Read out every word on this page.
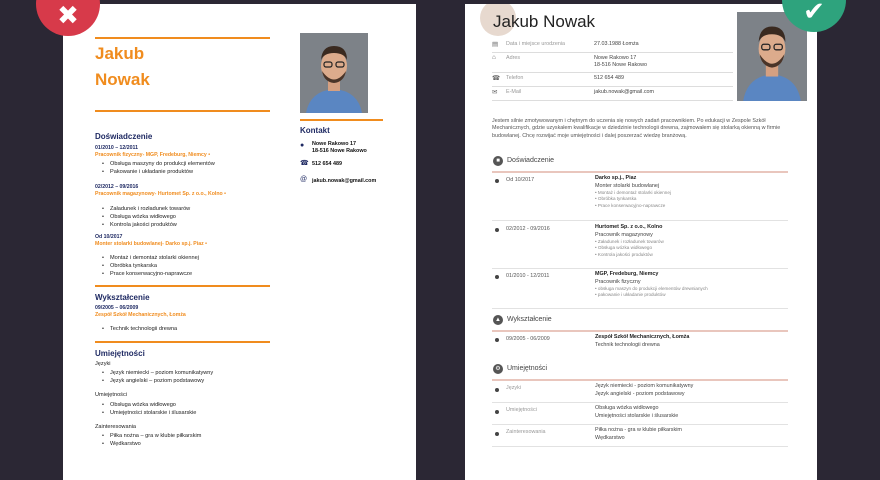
Jakub
Nowak
Doświadczenie
01/2010 – 12/2011
Pracownik fizyczny- MGP, Fredeburg, Niemcy •
• Obsługa maszyny do produkcji elementów
• Pakowanie i układanie produktów
02/2012 – 09/2016
Pracownik magazynowy- Hurtomet Sp. z o.o., Kolno •
• Załadunek i rozładunek towarów
• Obsługa wózka widłowego
• Kontrola jakości produktów
Od 10/2017
Monter stolarki budowlanej- Darko sp.j. Piaz •
• Montaż i demontaż stolarki okiennej
• Obróbka tynkarska
• Prace konserwacyjno-naprawcze
Wykształcenie
09/2005 – 06/2009
Zespół Szkół Mechanicznych, Łomża
• Technik technologii drewna
Umiejętności
Języki
• Język niemiecki – poziom komunikatywny
• Język angielski – poziom podstawowy
Umiejętności
• Obsługa wózka widłowego
• Umiejętności stolarskie i ślusarskie
Zainteresowania
• Piłka nożna – gra w klubie piłkarskim
• Wędkarstwo
Kontakt
● Nowe Rakowo 17
18-516 Nowe Rakowo
☎ 512 654 489
@ jakub.nowak@gmail.com
Jakub Nowak
▤ Data i miejsce urodzenia	27.03.1988 Łomża
⌂ Adres	Nowe Rakowo 17
18-516 Nowe Rakowo
☎ Telefon	512 654 489
✉ E-Mail	jakub.nowak@gmail.com
Jestem silnie zmotywowanym i chętnym do uczenia się nowych zadań pracownikiem. Po edukacji w Zespole Szkół Mechanicznych, gdzie uzyskałem kwalifikacje w dziedzinie technologii drewna, zajmowałem się stolarką okienną w firmie budowlanej. Chcę rozwijać moje umiejętności i dalej poszerzać wiedzę branżową.
■	Doświadczenie
Od 10/2017	Darko sp.j., Piaz
Monter stolarki budowlanej
• Montaż i demontaż stolarki okiennej
• Obróbka tynkarska
• Prace konserwacyjno-naprawcze
02/2012 - 09/2016	Hurtomet Sp. z o.o., Kolno
Pracownik magazynowy
• Załadunek i rozładunek towarów
• Obsługa wózka widłowego
• Kontrola jakości produktów
01/2010 - 12/2011	MGP, Fredeburg, Niemcy
Pracownik fizyczny
• obsługa maszyn do produkcji elementów drewnianych
• pakowanie i układanie produktów
▲ Wykształcenie
09/2005 - 06/2009	Zespół Szkół Mechanicznych, Łomża
Technik technologii drewna
⚙ Umiejętności
Języki	Język niemiecki - poziom komunikatywny
Język angielski - poziom podstawowy
Umiejętności	Obsługa wózka widłowego
Umiejętności stolarskie i ślusarskie
Zainteresowania	Piłka nożna - gra w klubie piłkarskim
Wędkarstwo
✖	✔
